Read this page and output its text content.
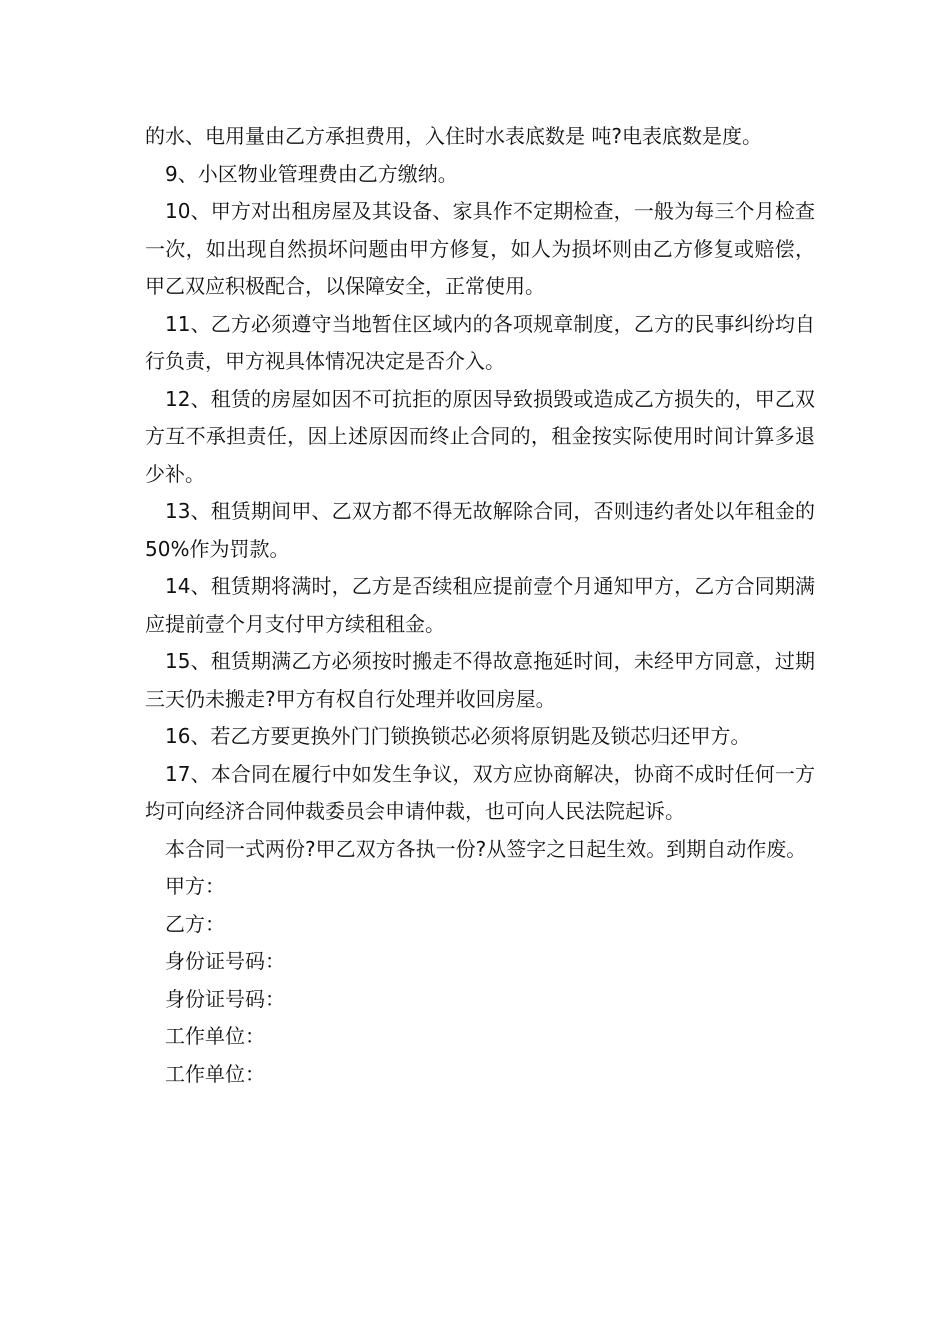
的水、电用量由乙方承担费用，入住时水表底数是 吨?电表底数是度。

9、小区物业管理费由乙方缴纳。

10、甲方对出租房屋及其设备、家具作不定期检查，一般为每三个月检查一次，如出现自然损坏问题由甲方修复，如人为损坏则由乙方修复或赔偿，甲乙双应积极配合，以保障安全，正常使用。

11、乙方必须遵守当地暂住区域内的各项规章制度，乙方的民事纠纷均自行负责，甲方视具体情况决定是否介入。

12、租赁的房屋如因不可抗拒的原因导致损毁或造成乙方损失的，甲乙双方互不承担责任，因上述原因而终止合同的，租金按实际使用时间计算多退少补。

13、租赁期间甲、乙双方都不得无故解除合同，否则违约者处以年租金的50%作为罚款。

14、租赁期将满时，乙方是否续租应提前壹个月通知甲方，乙方合同期满应提前壹个月支付甲方续租租金。

15、租赁期满乙方必须按时搬走不得故意拖延时间，未经甲方同意，过期三天仍未搬走?甲方有权自行处理并收回房屋。

16、若乙方要更换外门门锁换锁芯必须将原钥匙及锁芯归还甲方。

17、本合同在履行中如发生争议，双方应协商解决，协商不成时任何一方均可向经济合同仲裁委员会申请仲裁，也可向人民法院起诉。

本合同一式两份?甲乙双方各执一份?从签字之日起生效。到期自动作废。

甲方：

乙方：

身份证号码：

身份证号码：

工作单位：

工作单位：
